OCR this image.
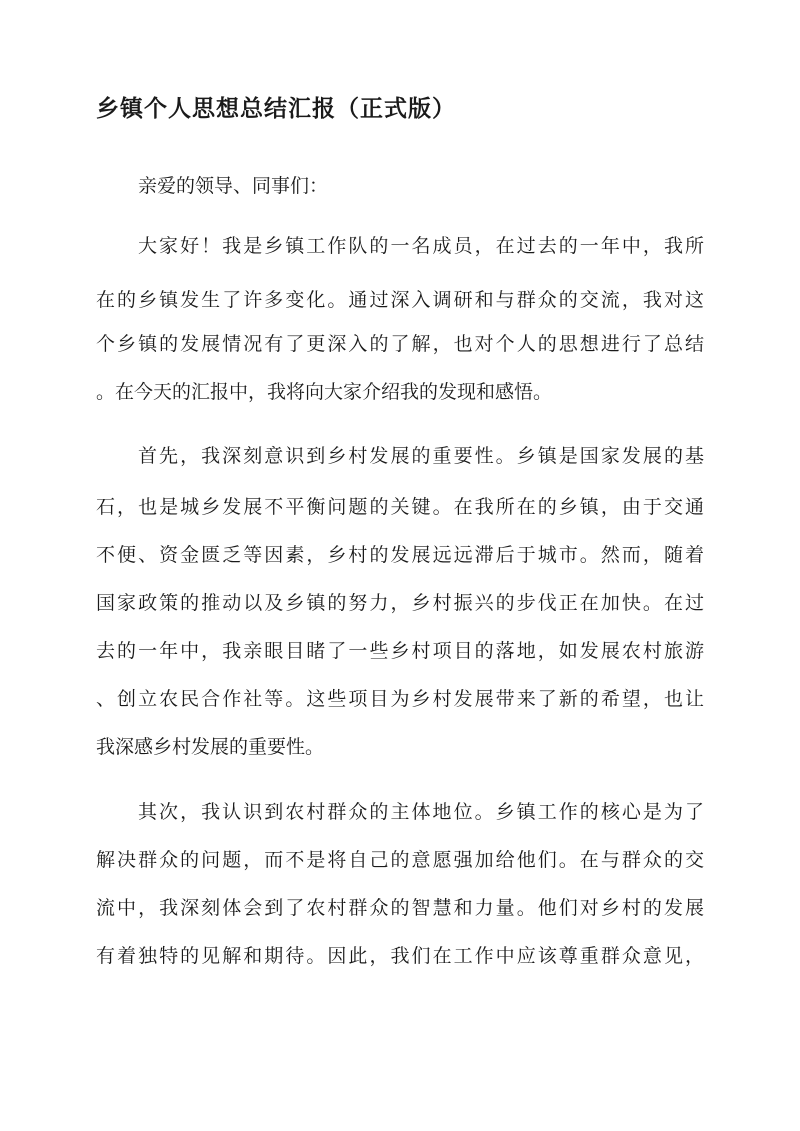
乡镇个人思想总结汇报（正式版）

亲爱的领导、同事们：

大家好！我是乡镇工作队的一名成员，在过去的一年中，我所

在的乡镇发生了许多变化。通过深入调研和与群众的交流，我对这

个乡镇的发展情况有了更深入的了解，也对个人的思想进行了总结

。在今天的汇报中，我将向大家介绍我的发现和感悟。

首先，我深刻意识到乡村发展的重要性。乡镇是国家发展的基

石，也是城乡发展不平衡问题的关键。在我所在的乡镇，由于交通

不便、资金匮乏等因素，乡村的发展远远滞后于城市。然而，随着

国家政策的推动以及乡镇的努力，乡村振兴的步伐正在加快。在过

去的一年中，我亲眼目睹了一些乡村项目的落地，如发展农村旅游

、创立农民合作社等。这些项目为乡村发展带来了新的希望，也让

我深感乡村发展的重要性。

其次，我认识到农村群众的主体地位。乡镇工作的核心是为了

解决群众的问题，而不是将自己的意愿强加给他们。在与群众的交

流中，我深刻体会到了农村群众的智慧和力量。他们对乡村的发展

有着独特的见解和期待。因此，我们在工作中应该尊重群众意见，
